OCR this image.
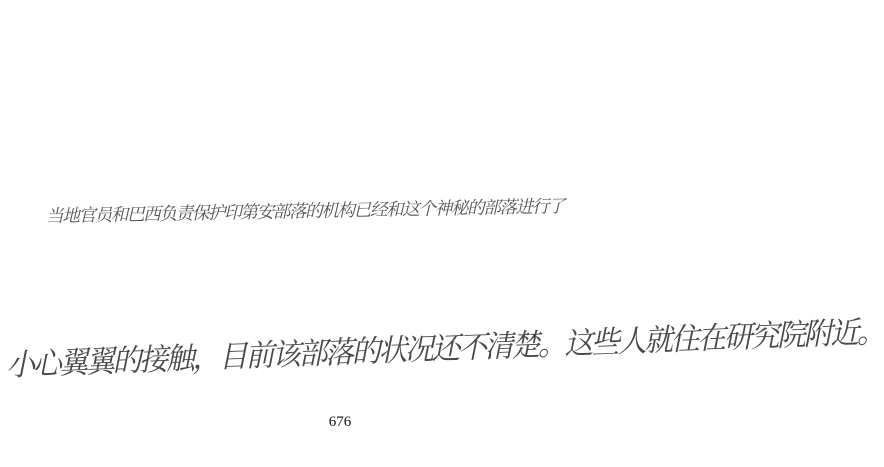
当地官员和巴西负责保护印第安部落的机构已经和这个神秘的部落进行了
小心翼翼的接触，目前该部落的状况还不清楚。这些人就住在研究院附近。
676
